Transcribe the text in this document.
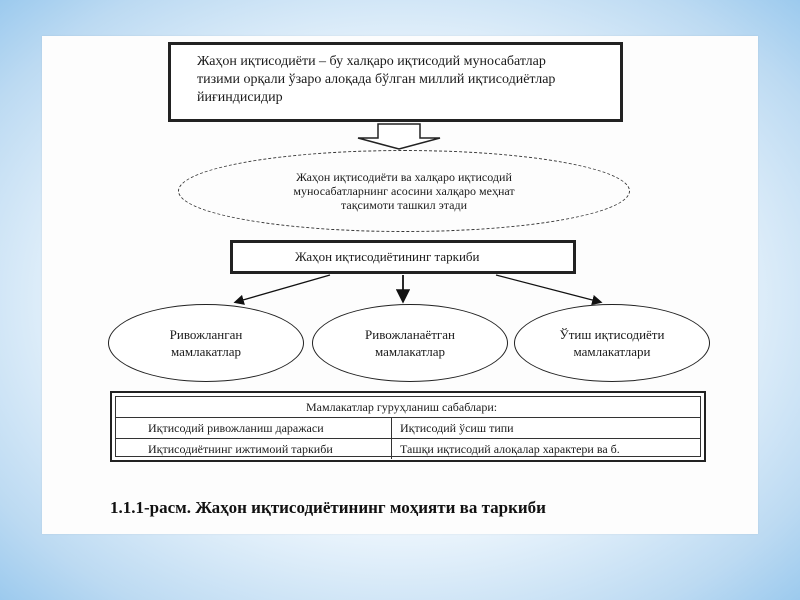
Жаҳон иқтисодиёти – бу халқаро иқтисодий муносабатлар
тизими орқали ўзаро алоқада бўлган миллий иқтисодиётлар
йиғиндисидир
Жаҳон иқтисодиёти ва халқаро иқтисодий
муносабатларнинг асосини халқаро меҳнат
тақсимоти ташкил этади
Жаҳон иқтисодиётининг таркиби
Ривожланган
мамлакатлар
Ривожланаётган
мамлакатлар
Ўтиш иқтисодиёти
мамлакатлари
Мамлакатлар гуруҳланиш сабаблари:
Иқтисодий ривожланиш даражаси	Иқтисодий ўсиш типи
Иқтисодиётнинг ижтимоий таркиби	Ташқи иқтисодий алоқалар характери ва б.
1.1.1-расм. Жаҳон иқтисодиётининг моҳияти ва таркиби
